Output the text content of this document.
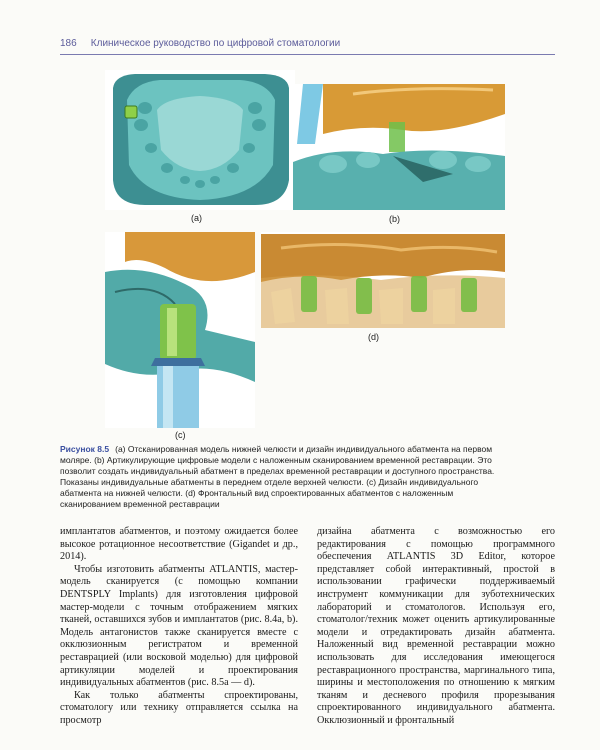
186 Клиническое руководство по цифровой стоматологии
(a)	(b)
(c)
(d)
Рисунок 8.5 (a) Отсканированная модель нижней челюсти и дизайн индивидуального абатмента на первом моляре. (b) Артикулирующие цифровые модели с наложенным сканированием временной реставрации. Это позволит создать индивидуальный абатмент в пределах временной реставрации и доступного пространства. Показаны индивидуальные абатменты в переднем отделе верхней челюсти. (c) Дизайн индивидуального абатмента на нижней челюсти. (d) Фронтальный вид спроектированных абатментов с наложенным сканированием временной реставрации

имплантатов абатментов, и поэтому ожидается более высокое ротационное несоответствие (Gigandet и др., 2014).

Чтобы изготовить абатменты ATLANTIS, мастер-модель сканируется (с помощью компании DENTSPLY Implants) для изготовления цифровой мастер-модели с точным отображением мягких тканей, оставшихся зубов и имплантатов (рис. 8.4a, b). Модель антагонистов также сканируется вместе с окклюзионным регистратом и временной реставрацией (или восковой моделью) для цифровой артикуляции моделей и проектирования индивидуальных абатментов (рис. 8.5a — d).

Как только абатменты спроектированы, стоматологу или технику отправляется ссылка на просмотр

дизайна абатмента с возможностью его редактирования с помощью программного обеспечения ATLANTIS 3D Editor, которое представляет собой интерактивный, простой в использовании графически поддерживаемый инструмент коммуникации для зуботехнических лабораторий и стоматологов. Используя его, стоматолог/техник может оценить артикулированные модели и отредактировать дизайн абатмента. Наложенный вид временной реставрации можно использовать для исследования имеющегося реставрационного пространства, маргинального типа, ширины и местоположения по отношению к мягким тканям и десневого профиля прорезывания спроектированного индивидуального абатмента. Окклюзионный и фронтальный
